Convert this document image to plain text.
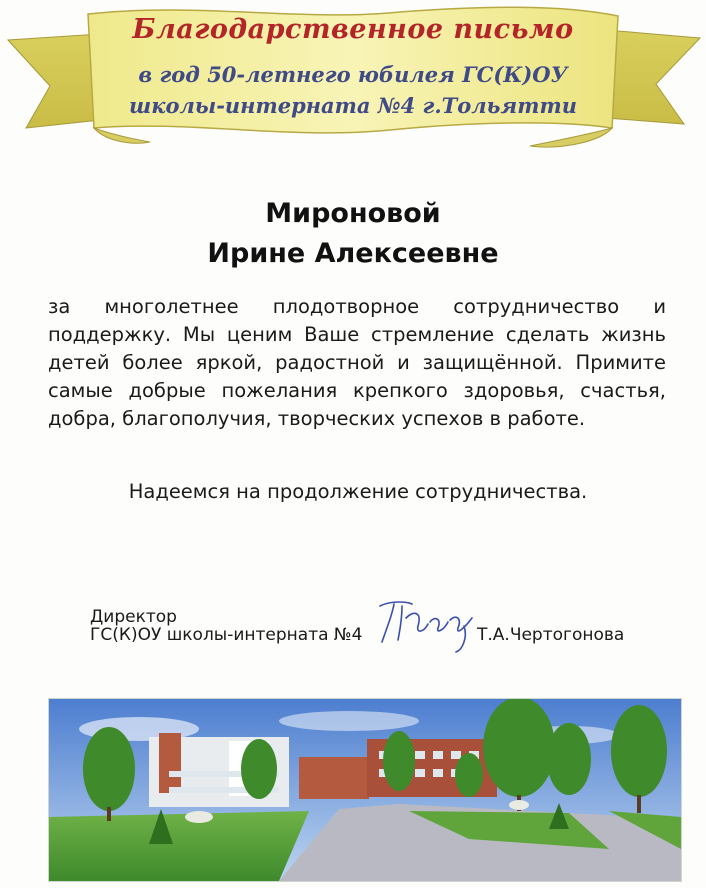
Благодарственное письмо
в год 50-летнего юбилея ГС(К)ОУ
школы-интерната №4 г.Тольятти
Мироновой
Ирине Алексеевне
за многолетнее плодотворное сотрудничество и поддержку. Мы ценим Ваше стремление сделать жизнь детей более яркой, радостной и защищённой. Примите самые добрые пожелания крепкого здоровья, счастья, добра, благополучия, творческих успехов в работе.
Надеемся на продолжение сотрудничества.
Директор
ГС(К)ОУ школы-интерната №4	Т.А.Чертогонова
